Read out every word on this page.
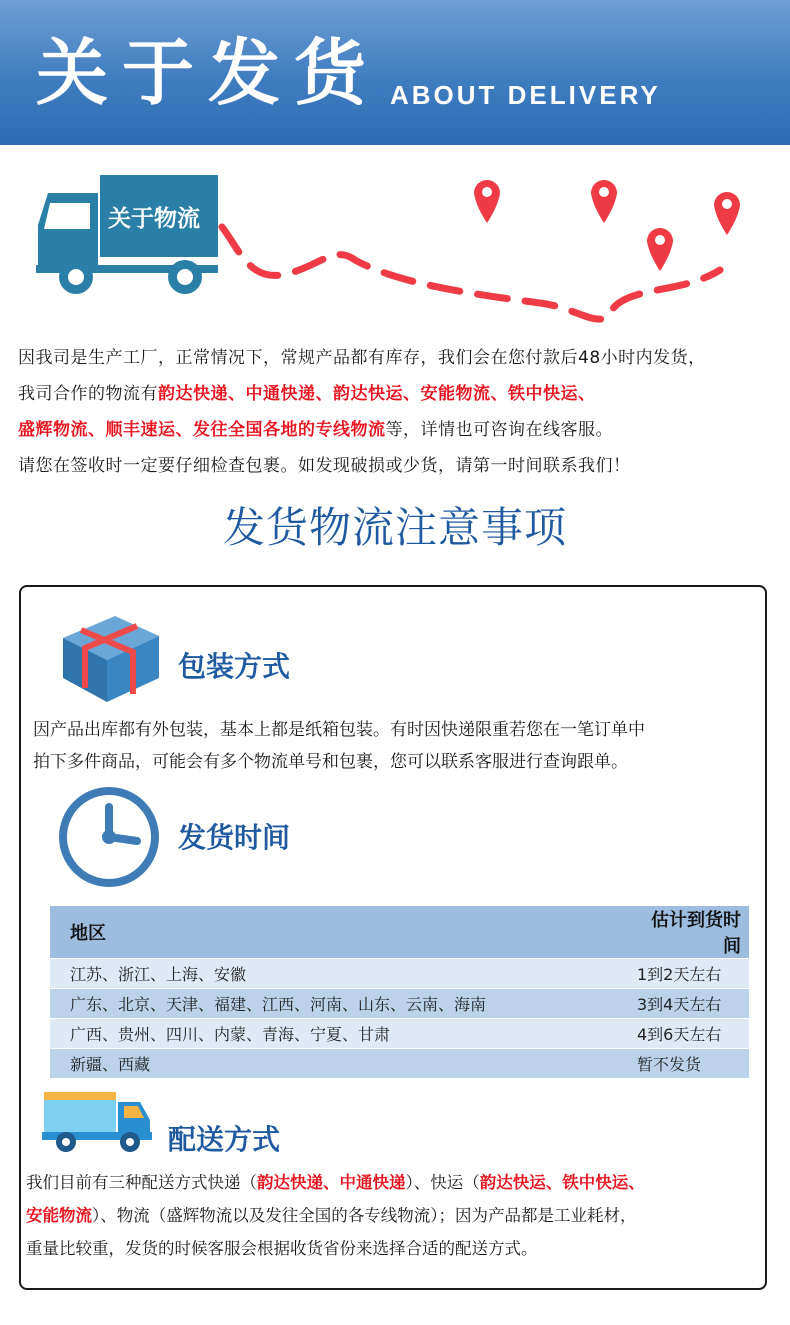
关于发货 ABOUT DELIVERY
关于物流

因我司是生产工厂，正常情况下，常规产品都有库存，我们会在您付款后48小时内发货，

我司合作的物流有韵达快递、中通快递、韵达快运、安能物流、铁中快运、

盛辉物流、顺丰速运、发往全国各地的专线物流等，详情也可咨询在线客服。

请您在签收时一定要仔细检查包裹。如发现破损或少货，请第一时间联系我们！

发货物流注意事项
包装方式

因产品出库都有外包装，基本上都是纸箱包装。有时因快递限重若您在一笔订单中

拍下多件商品，可能会有多个物流单号和包裹，您可以联系客服进行查询跟单。

发货时间
地区	估计到货时间
江苏、浙江、上海、安徽	1到2天左右
广东、北京、天津、福建、江西、河南、山东、云南、海南	3到4天左右
广西、贵州、四川、内蒙、青海、宁夏、甘肃	4到6天左右
新疆、西藏	暂不发货
配送方式

我们目前有三种配送方式快递（韵达快递、中通快递）、快运（韵达快运、铁中快运、

安能物流）、物流（盛辉物流以及发往全国的各专线物流）；因为产品都是工业耗材，

重量比较重，发货的时候客服会根据收货省份来选择合适的配送方式。
